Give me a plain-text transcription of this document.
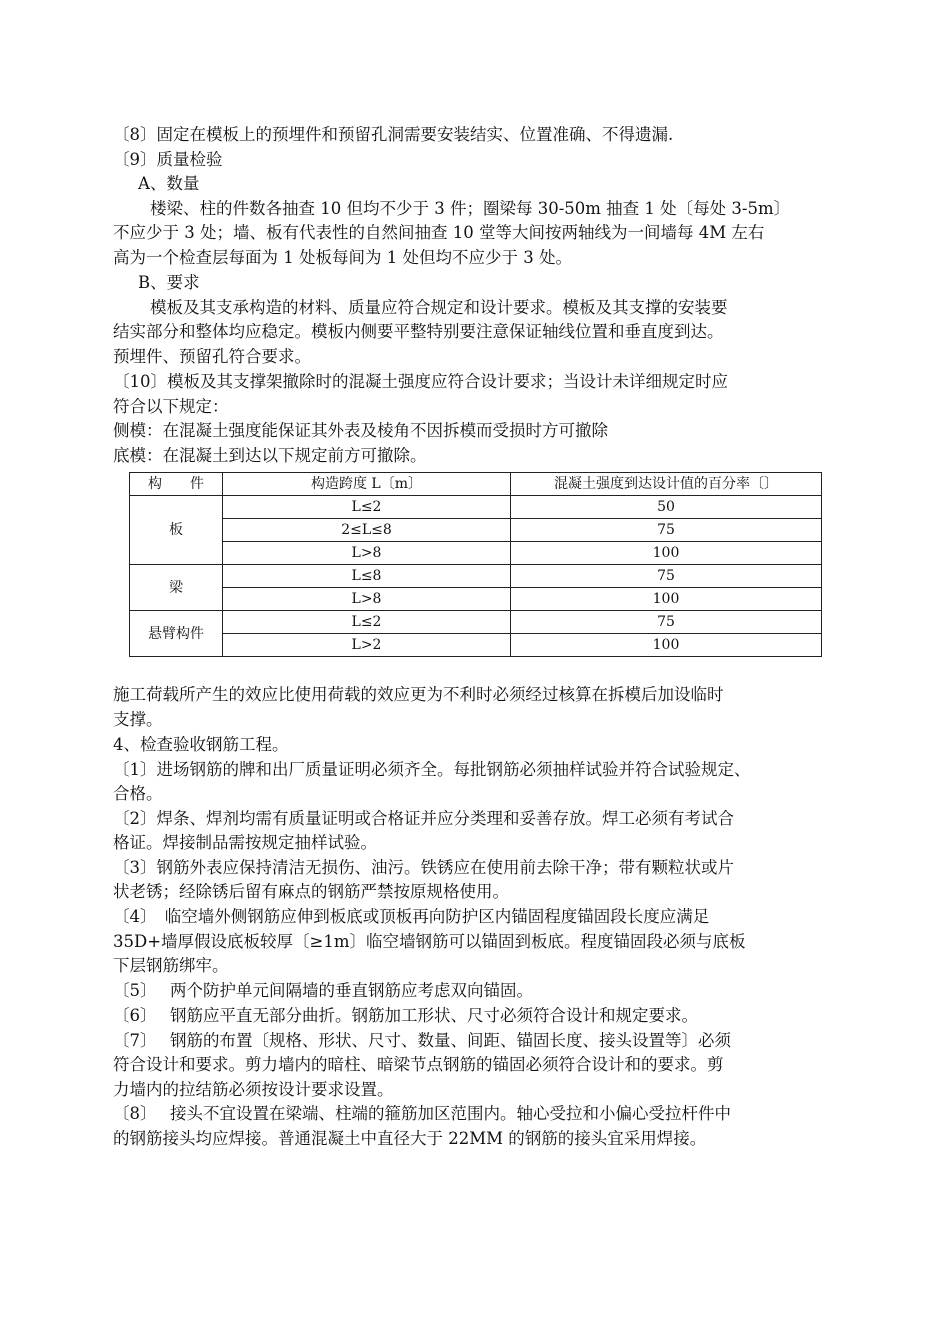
〔8〕固定在模板上的预埋件和预留孔洞需要安装结实、位置准确、不得遗漏.
〔9〕质量检验
A、数量
楼梁、柱的件数各抽查 10 但均不少于 3 件；圈梁每 30-50m 抽查 1 处〔每处 3-5m〕
不应少于 3 处；墙、板有代表性的自然间抽查 10 堂等大间按两轴线为一间墙每 4M 左右
高为一个检查层每面为 1 处板每间为 1 处但均不应少于 3 处。
B、要求
模板及其支承构造的材料、质量应符合规定和设计要求。模板及其支撑的安装要
结实部分和整体均应稳定。模板内侧要平整特别要注意保证轴线位置和垂直度到达。
预埋件、预留孔符合要求。
〔10〕模板及其支撑架撤除时的混凝土强度应符合设计要求；当设计未详细规定时应
符合以下规定：
侧模：在混凝土强度能保证其外表及棱角不因拆模而受损时方可撤除
底模：在混凝土到达以下规定前方可撤除。
构　　件	构造跨度 L〔m〕	混凝土强度到达设计值的百分率〔〕
板	L≤2	50
	2≤L≤8	75
	L>8	100
梁	L≤8	75
	L>8	100
悬臂构件	L≤2	75
	L>2	100
施工荷载所产生的效应比使用荷载的效应更为不利时必须经过核算在拆模后加设临时
支撑。
4、检查验收钢筋工程。
〔1〕进场钢筋的牌和出厂质量证明必须齐全。每批钢筋必须抽样试验并符合试验规定、
合格。
〔2〕焊条、焊剂均需有质量证明或合格证并应分类理和妥善存放。焊工必须有考试合
格证。焊接制品需按规定抽样试验。
〔3〕钢筋外表应保持清洁无损伤、油污。铁锈应在使用前去除干净；带有颗粒状或片
状老锈；经除锈后留有麻点的钢筋严禁按原规格使用。
〔4〕　临空墙外侧钢筋应伸到板底或顶板再向防护区内锚固程度锚固段长度应满足
35D+墙厚假设底板较厚〔≥1m〕临空墙钢筋可以锚固到板底。程度锚固段必须与底板
下层钢筋绑牢。
〔5〕　 两个防护单元间隔墙的垂直钢筋应考虑双向锚固。
〔6〕　 钢筋应平直无部分曲折。钢筋加工形状、尺寸必须符合设计和规定要求。
〔7〕　 钢筋的布置〔规格、形状、尺寸、数量、间距、锚固长度、接头设置等〕必须
符合设计和要求。剪力墙内的暗柱、暗梁节点钢筋的锚固必须符合设计和的要求。剪
力墙内的拉结筋必须按设计要求设置。
〔8〕　 接头不宜设置在梁端、柱端的箍筋加区范围内。轴心受拉和小偏心受拉杆件中
的钢筋接头均应焊接。普通混凝土中直径大于 22MM 的钢筋的接头宜采用焊接。
